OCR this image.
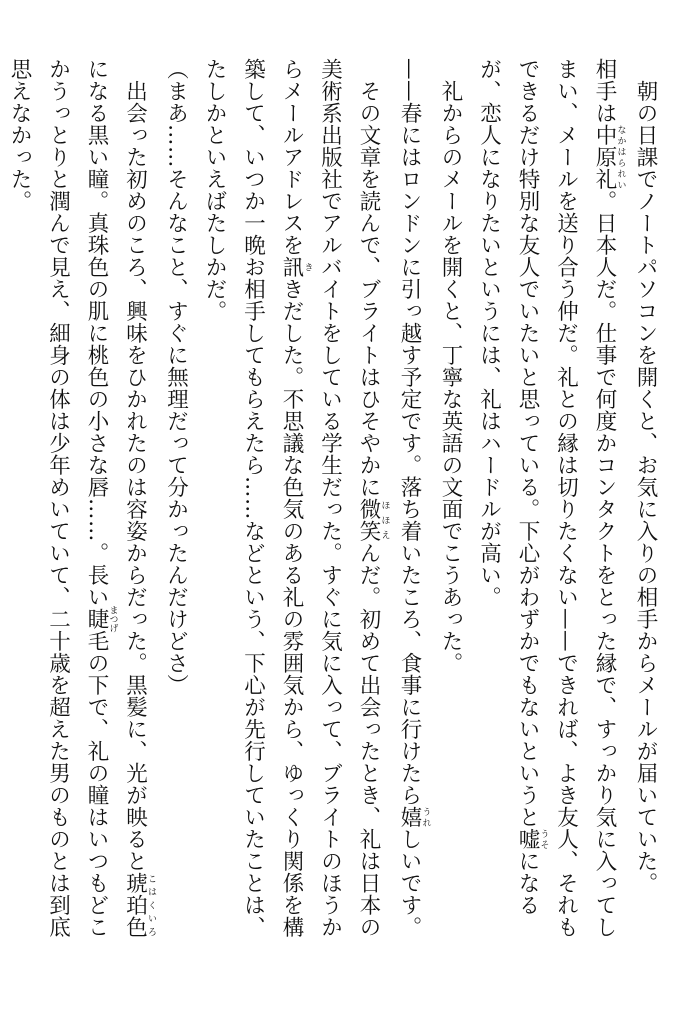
　朝の日課でノートパソコンを開くと、お気に入りの相手からメールが届いていた。

相手は中原礼なかはられい。日本人だ。仕事で何度かコンタクトをとった縁で、すっかり気に入ってしまい、メールを送り合う仲だ。礼との縁は切りたくない——できれば、よき友人、それもできるだけ特別な友人でいたいと思っている。下心がわずかでもないというと嘘うそになるが、恋人になりたいというには、礼はハードルが高い。

　礼からのメールを開くと、丁寧な英語の文面でこうあった。

——春にはロンドンに引っ越す予定です。落ち着いたころ、食事に行けたら嬉うれしいです。

　その文章を読んで、ブライトはひそやかに微笑ほほえんだ。初めて出会ったとき、礼は日本の美術系出版社でアルバイトをしている学生だった。すぐに気に入って、ブライトのほうからメールアドレスを訊ききだした。不思議な色気のある礼の雰囲気から、ゆっくり関係を構築して、いつか一晩お相手してもらえたら……などという、下心が先行していたことは、たしかといえばたしかだ。

（まあ……そんなこと、すぐに無理だって分かったんだけどさ）

　出会った初めのころ、興味をひかれたのは容姿からだった。黒髪に、光が映ると琥珀色こはくいろになる黒い瞳。真珠色の肌に桃色の小さな唇……。長い睫まつげ毛の下で、礼の瞳はいつもどこかうっとりと潤んで見え、細身の体は少年めいていて、二十歳を超えた男のものとは到底思えなかった。
